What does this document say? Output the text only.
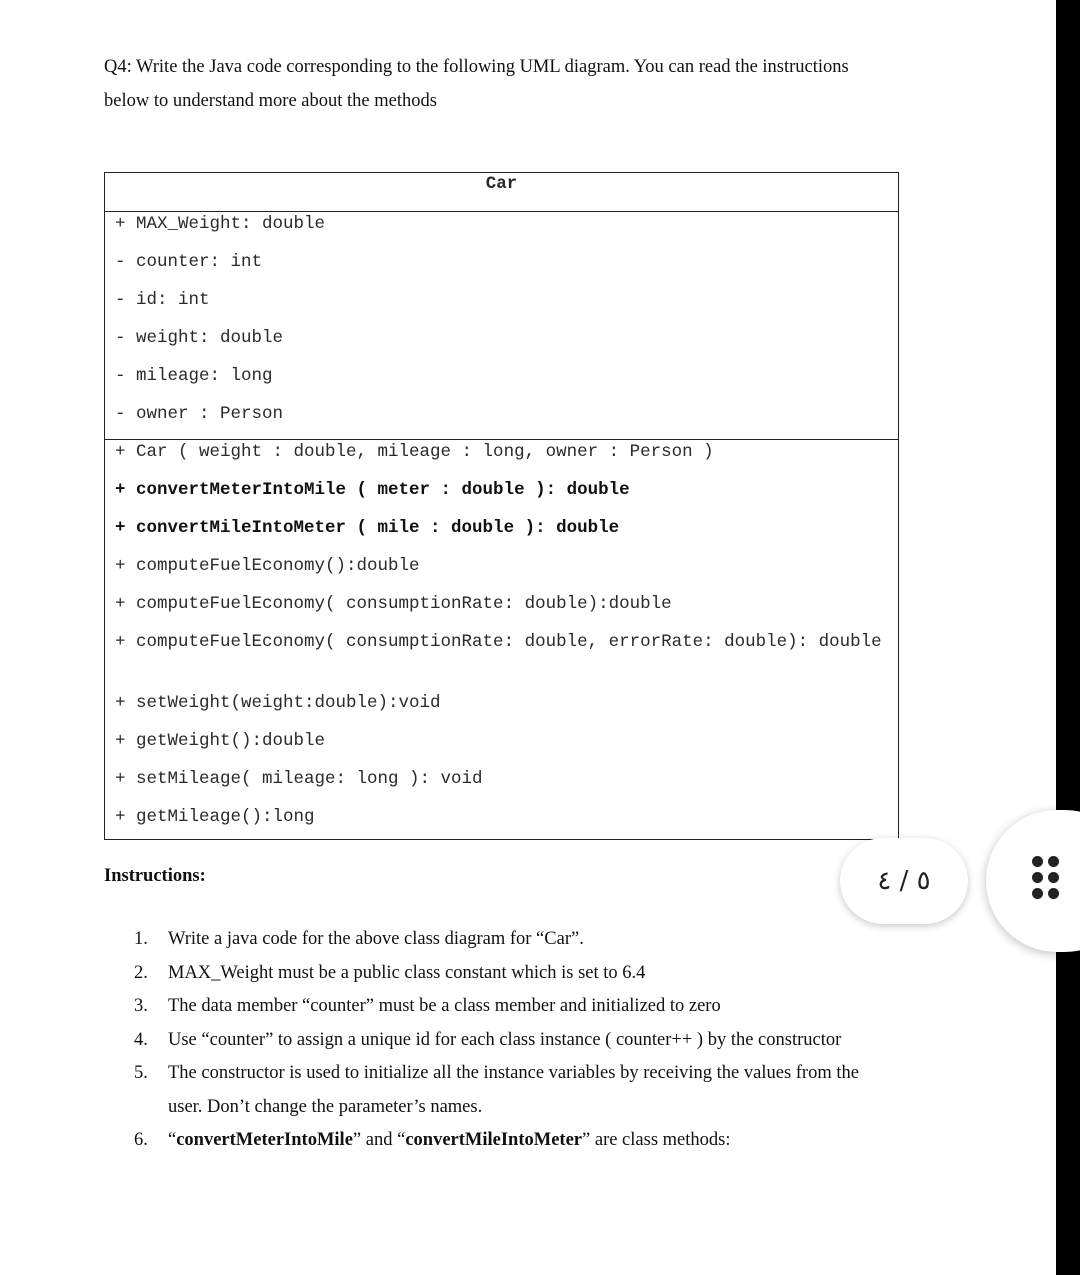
Q4: Write the Java code corresponding to the following UML diagram. You can read the instructions
below to understand more about the methods
Car
+ MAX_Weight: double
- counter: int
- id: int
- weight: double
- mileage: long
- owner : Person
+ Car ( weight : double, mileage : long, owner : Person )
+ convertMeterIntoMile ( meter : double ): double
+ convertMileIntoMeter ( mile : double ): double
+ computeFuelEconomy():double
+ computeFuelEconomy( consumptionRate: double):double
+ computeFuelEconomy( consumptionRate: double, errorRate: double): double
+ setWeight(weight:double):void
+ getWeight():double
+ setMileage( mileage: long ): void
+ getMileage():long
Instructions:
1. Write a java code for the above class diagram for “Car”.
2. MAX_Weight must be a public class constant which is set to 6.4
3. The data member “counter” must be a class member and initialized to zero
4. Use “counter” to assign a unique id for each class instance ( counter++ ) by the constructor
5. The constructor is used to initialize all the instance variables by receiving the values from the user. Don’t change the parameter’s names.
6. “convertMeterIntoMile” and “convertMileIntoMeter” are class methods:
٥ / ٤
